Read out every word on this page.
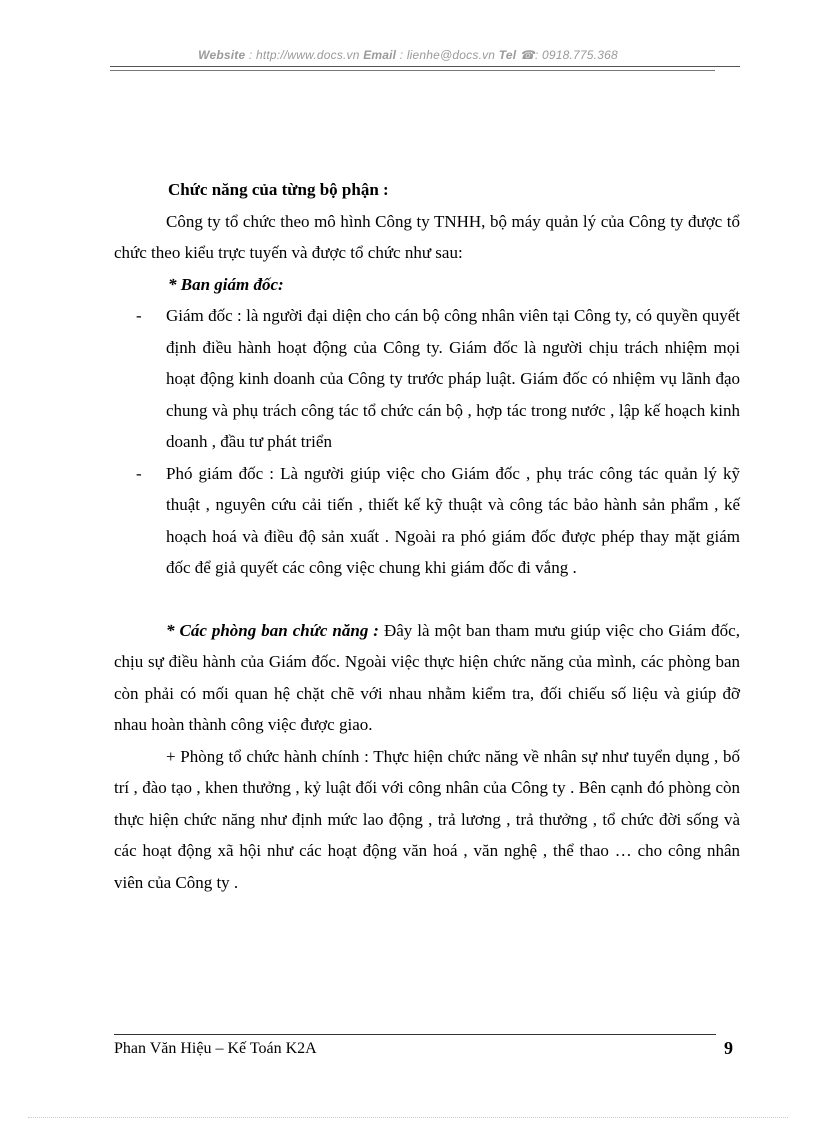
Website : http://www.docs.vn Email : lienhe@docs.vn Tel ☎: 0918.775.368

Chức năng của từng bộ phận :

Công ty tổ chức theo mô hình Công ty TNHH, bộ máy quản lý của Công ty được tổ chức theo kiểu trực tuyến và được tổ chức như sau:

* Ban giám đốc:

- Giám đốc : là người đại diện cho cán bộ công nhân viên tại Công ty, có quyền quyết định điều hành hoạt động của Công ty. Giám đốc là người chịu trách nhiệm mọi hoạt động kinh doanh của Công ty trước pháp luật. Giám đốc có nhiệm vụ lãnh đạo chung và phụ trách công tác tổ chức cán bộ , hợp tác trong nước , lập kế hoạch kinh doanh , đầu tư phát triển
- Phó giám đốc : Là người giúp việc cho Giám đốc , phụ trác công tác quản lý kỹ thuật , nguyên cứu cải tiến , thiết kế kỹ thuật và công tác bảo hành sản phẩm , kế hoạch hoá và điều độ sản xuất . Ngoài ra phó giám đốc được phép thay mặt giám đốc để giả quyết các công việc chung khi giám đốc đi vắng .

* Các phòng ban chức năng : Đây là một ban tham mưu giúp việc cho Giám đốc, chịu sự điều hành của Giám đốc. Ngoài việc thực hiện chức năng của mình, các phòng ban còn phải có mối quan hệ chặt chẽ với nhau nhằm kiểm tra, đối chiếu số liệu và giúp đỡ nhau hoàn thành công việc được giao.

+ Phòng tổ chức hành chính : Thực hiện chức năng về nhân sự như tuyển dụng , bố trí , đào tạo , khen thưởng , kỷ luật đối với công nhân của Công ty . Bên cạnh đó phòng còn thực hiện chức năng như định mức lao động , trả lương , trả thưởng , tổ chức đời sống và các hoạt động xã hội như các hoạt động văn hoá , văn nghệ , thể thao … cho công nhân viên của Công ty .

Phan Văn Hiệu – Kế Toán K2A	9
